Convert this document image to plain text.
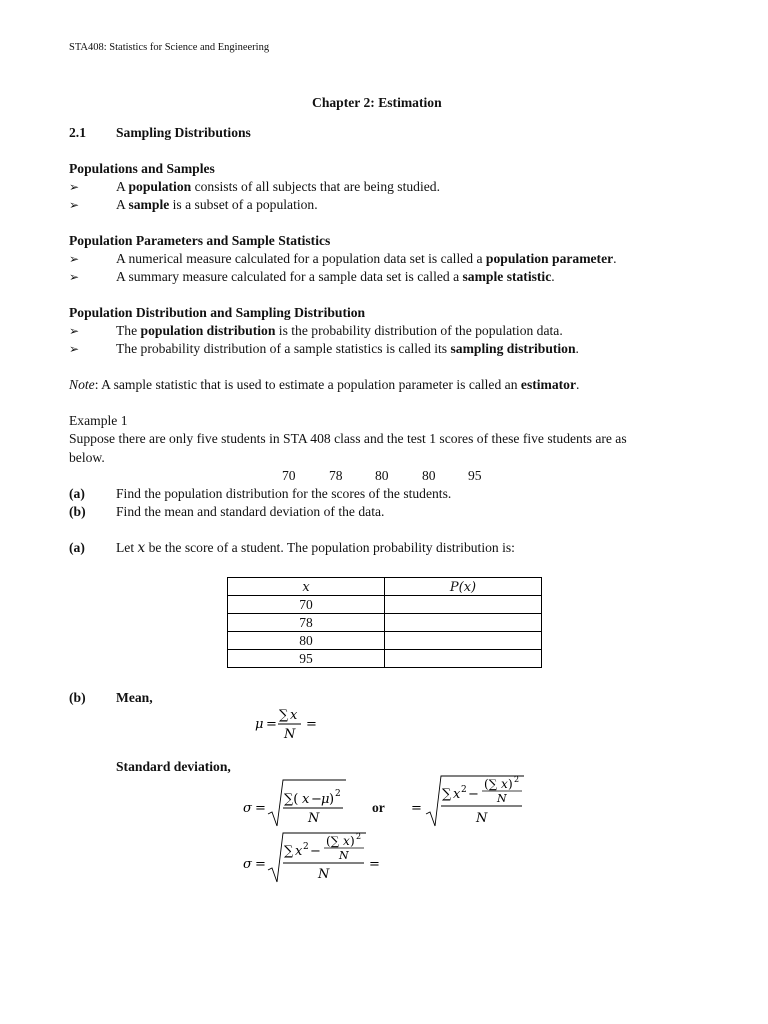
STA408: Statistics for Science and Engineering
Chapter 2: Estimation
2.1 Sampling Distributions
Populations and Samples
➢	A population consists of all subjects that are being studied.
➢	A sample is a subset of a population.
Population Parameters and Sample Statistics
➢	A numerical measure calculated for a population data set is called a population parameter.
➢	A summary measure calculated for a sample data set is called a sample statistic.
Population Distribution and Sampling Distribution
➢	The population distribution is the probability distribution of the population data.
➢	The probability distribution of a sample statistics is called its sampling distribution.
Note: A sample statistic that is used to estimate a population parameter is called an estimator.
Example 1
Suppose there are only five students in STA 408 class and the test 1 scores of these five students are as
below.
70 78 80 80 95
(a) Find the population distribution for the scores of the students.
(b) Find the mean and standard deviation of the data.
(a) Let x be the score of a student. The population probability distribution is:
x	P(x)
70	
78	
80	
95	
(b) Mean,
μ =
∑ x
N
=
Standard deviation,
σ =
∑( x − μ ) 2
N
or =
∑ x 2 −
(∑ x ) 2
N
N
σ =
∑ x 2 −
(∑ x ) 2
N
N
=
